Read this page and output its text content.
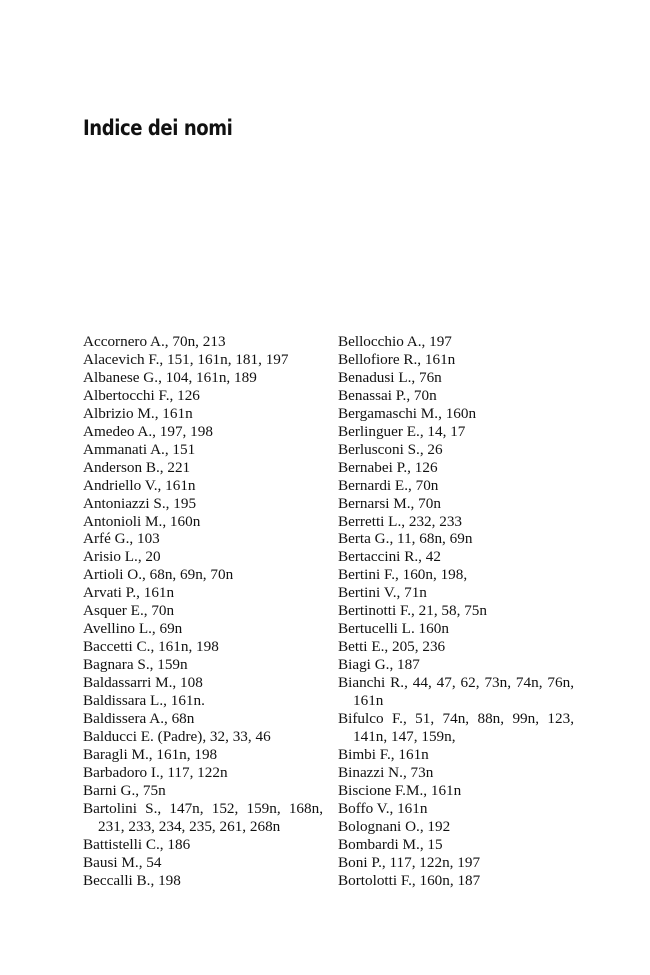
Indice dei nomi

Accornero A., 70n, 213

Alacevich F., 151, 161n, 181, 197

Albanese G., 104, 161n, 189

Albertocchi F., 126

Albrizio M., 161n

Amedeo A., 197, 198

Ammanati A., 151

Anderson B., 221

Andriello V., 161n

Antoniazzi S., 195

Antonioli M., 160n

Arfé G., 103

Arisio L., 20

Artioli O., 68n, 69n, 70n

Arvati P., 161n

Asquer E., 70n

Avellino L., 69n

Baccetti C., 161n, 198

Bagnara S., 159n

Baldassarri M., 108

Baldissara L., 161n.

Baldissera A., 68n

Balducci E. (Padre), 32, 33, 46

Baragli M., 161n, 198

Barbadoro I., 117, 122n

Barni G., 75n

Bartolini S., 147n, 152, 159n, 168n, 231, 233, 234, 235, 261, 268n

Battistelli C., 186

Bausi M., 54

Beccalli B., 198

Bellocchio A., 197

Bellofiore R., 161n

Benadusi L., 76n

Benassai P., 70n

Bergamaschi M., 160n

Berlinguer E., 14, 17

Berlusconi S., 26

Bernabei P., 126

Bernardi E., 70n

Bernarsi M., 70n

Berretti L., 232, 233

Berta G., 11, 68n, 69n

Bertaccini R., 42

Bertini F., 160n, 198,

Bertini V., 71n

Bertinotti F., 21, 58, 75n

Bertucelli L. 160n

Betti E., 205, 236

Biagi G., 187

Bianchi R., 44, 47, 62, 73n, 74n, 76n, 161n

Bifulco F., 51, 74n, 88n, 99n, 123, 141n, 147, 159n,

Bimbi F., 161n

Binazzi N., 73n

Biscione F.M., 161n

Boffo V., 161n

Bolognani O., 192

Bombardi M., 15

Boni P., 117, 122n, 197

Bortolotti F., 160n, 187
